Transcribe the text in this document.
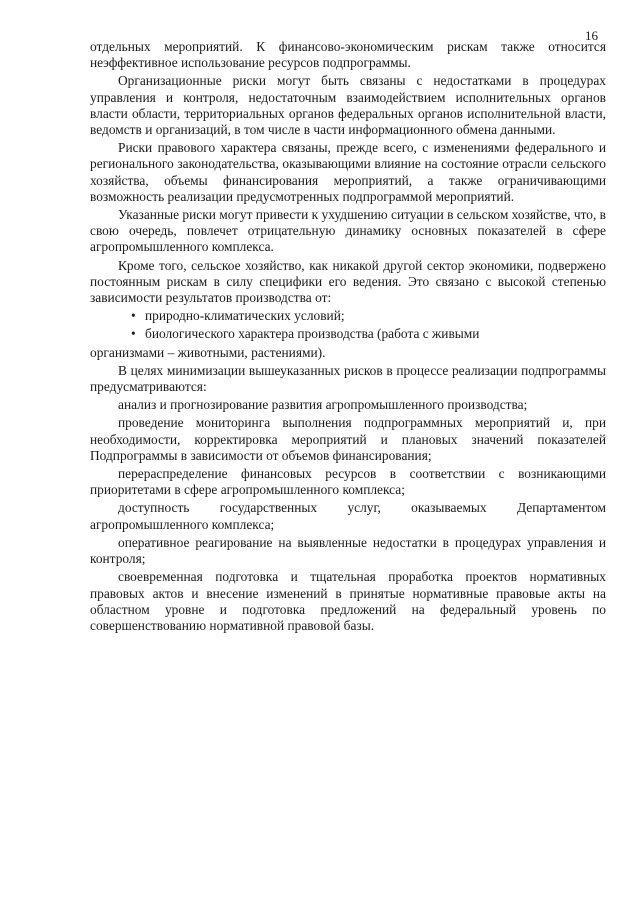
16

отдельных мероприятий. К финансово-экономическим рискам также относится неэффективное использование ресурсов подпрограммы.

Организационные риски могут быть связаны с недостатками в процедурах управления и контроля, недостаточным взаимодействием исполнительных органов власти области, территориальных органов федеральных органов исполнительной власти, ведомств и организаций, в том числе в части информационного обмена данными.

Риски правового характера связаны, прежде всего, с изменениями федерального и регионального законодательства, оказывающими влияние на состояние отрасли сельского хозяйства, объемы финансирования мероприятий, а также ограничивающими возможность реализации предусмотренных подпрограммой мероприятий.

Указанные риски могут привести к ухудшению ситуации в сельском хозяйстве, что, в свою очередь, повлечет отрицательную динамику основных показателей в сфере агропромышленного комплекса.

Кроме того, сельское хозяйство, как никакой другой сектор экономики, подвержено постоянным рискам в силу специфики его ведения. Это связано с высокой степенью зависимости результатов производства от:

• природно-климатических условий;
• биологического характера производства (работа с живыми

организмами – животными, растениями).

В целях минимизации вышеуказанных рисков в процессе реализации подпрограммы предусматриваются:

анализ и прогнозирование развития агропромышленного производства;

проведение мониторинга выполнения подпрограммных мероприятий и, при необходимости, корректировка мероприятий и плановых значений показателей Подпрограммы в зависимости от объемов финансирования;

перераспределение финансовых ресурсов в соответствии с возникающими приоритетами в сфере агропромышленного комплекса;

доступность государственных услуг, оказываемых Департаментом агропромышленного комплекса;

оперативное реагирование на выявленные недостатки в процедурах управления и контроля;

своевременная подготовка и тщательная проработка проектов нормативных правовых актов и внесение изменений в принятые нормативные правовые акты на областном уровне и подготовка предложений на федеральный уровень по совершенствованию нормативной правовой базы.
